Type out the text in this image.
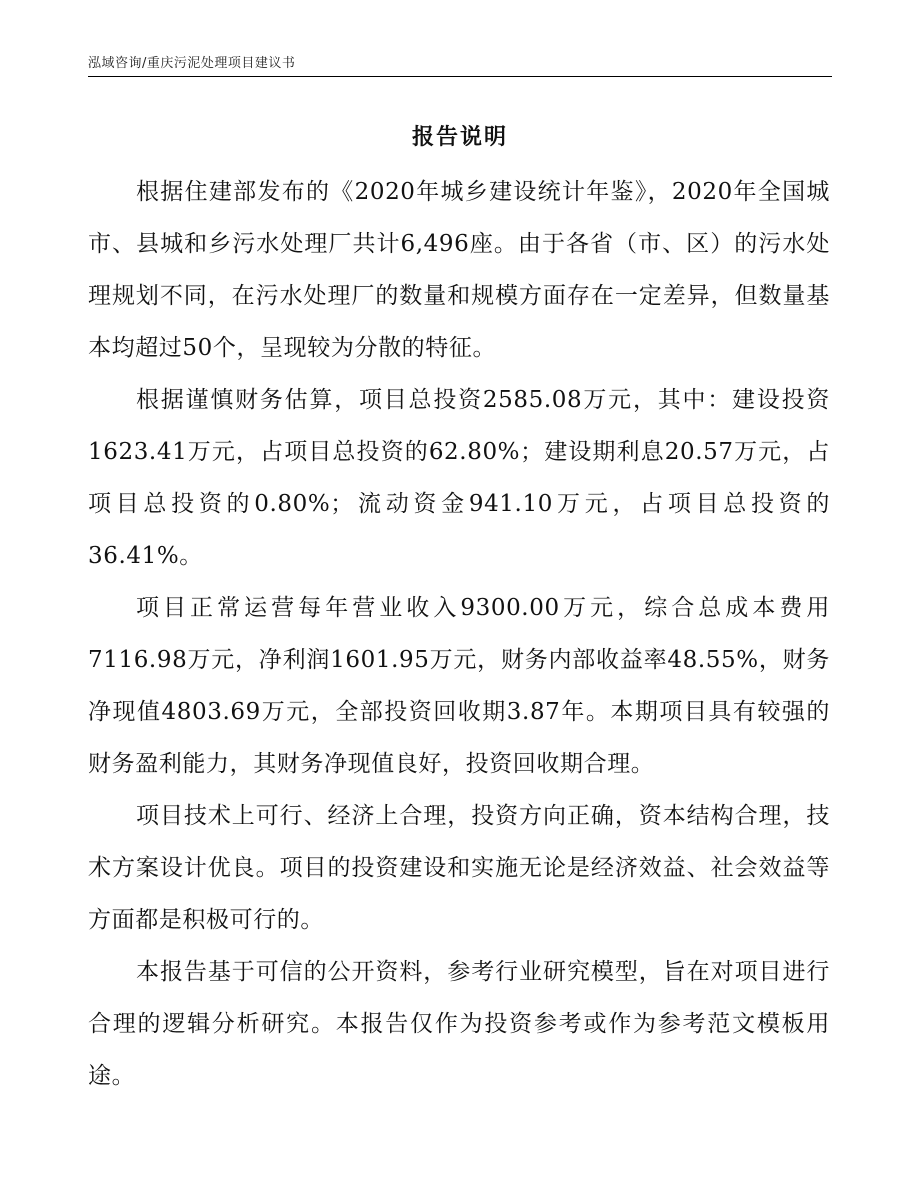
泓域咨询/重庆污泥处理项目建议书
报告说明

根据住建部发布的《2020年城乡建设统计年鉴》，2020年全国城市、县城和乡污水处理厂共计6,496座。由于各省（市、区）的污水处理规划不同，在污水处理厂的数量和规模方面存在一定差异，但数量基本均超过50个，呈现较为分散的特征。

根据谨慎财务估算，项目总投资2585.08万元，其中：建设投资1623.41万元，占项目总投资的62.80%；建设期利息20.57万元，占项目总投资的0.80%；流动资金941.10万元，占项目总投资的36.41%。

项目正常运营每年营业收入9300.00万元，综合总成本费用7116.98万元，净利润1601.95万元，财务内部收益率48.55%，财务净现值4803.69万元，全部投资回收期3.87年。本期项目具有较强的财务盈利能力，其财务净现值良好，投资回收期合理。

项目技术上可行、经济上合理，投资方向正确，资本结构合理，技术方案设计优良。项目的投资建设和实施无论是经济效益、社会效益等方面都是积极可行的。

本报告基于可信的公开资料，参考行业研究模型，旨在对项目进行合理的逻辑分析研究。本报告仅作为投资参考或作为参考范文模板用途。
